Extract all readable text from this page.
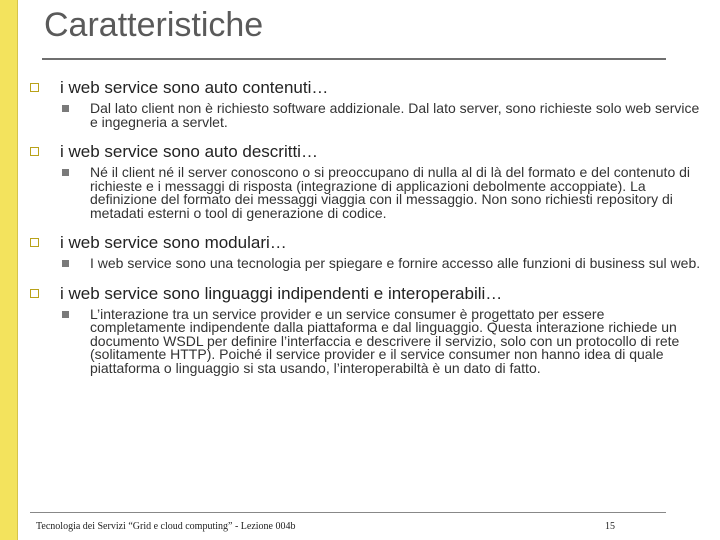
Caratteristiche
i web service sono auto contenuti…
Dal lato client non è richiesto software addizionale. Dal lato server, sono richieste solo web service e ingegneria a servlet.
i web service sono auto descritti…
Né il client né il server conoscono o si preoccupano di nulla al di là del formato e del contenuto di richieste e i messaggi di risposta (integrazione di applicazioni debolmente accoppiate). La definizione del formato dei messaggi viaggia con il messaggio. Non sono richiesti repository di metadati esterni o tool di generazione di codice.
i web service sono modulari…
I web service sono una tecnologia per spiegare e fornire accesso alle funzioni di business sul web.
i web service sono linguaggi indipendenti e interoperabili…
L’interazione tra un service provider e un service consumer è progettato per essere completamente indipendente dalla piattaforma e dal linguaggio. Questa interazione richiede un documento WSDL per definire l’interfaccia e descrivere il servizio, solo con un protocollo di rete (solitamente HTTP). Poiché il service provider e il service consumer non hanno idea di quale piattaforma o linguaggio si sta usando, l’interoperabiltà è un dato di fatto.
Tecnologia dei Servizi “Grid e cloud computing” - Lezione 004b	15
